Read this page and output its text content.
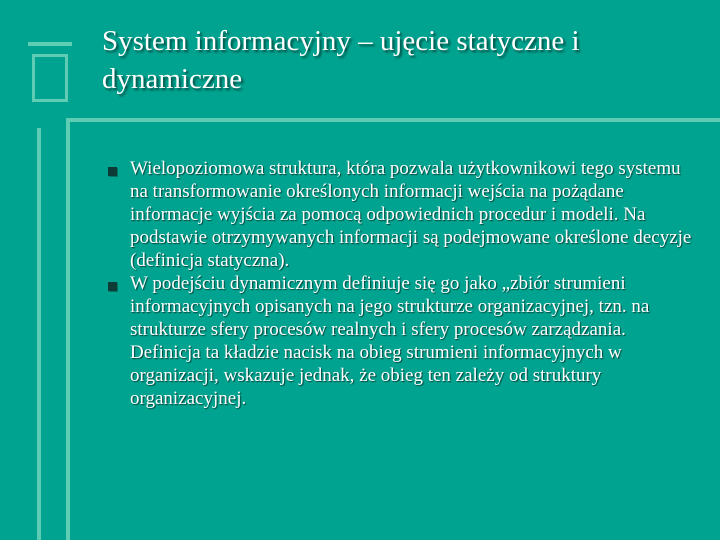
System informacyjny – ujęcie statyczne i dynamiczne
Wielopoziomowa struktura, która pozwala użytkownikowi tego systemu na transformowanie określonych informacji wejścia na pożądane informacje wyjścia za pomocą odpowiednich procedur i modeli. Na podstawie otrzymywanych informacji są podejmowane określone decyzje (definicja statyczna).
W podejściu dynamicznym definiuje się go jako „zbiór strumieni informacyjnych opisanych na jego strukturze organizacyjnej, tzn. na strukturze sfery procesów realnych i sfery procesów zarządzania. Definicja ta kładzie nacisk na obieg strumieni informacyjnych w organizacji, wskazuje jednak, że obieg ten zależy od struktury organizacyjnej.
